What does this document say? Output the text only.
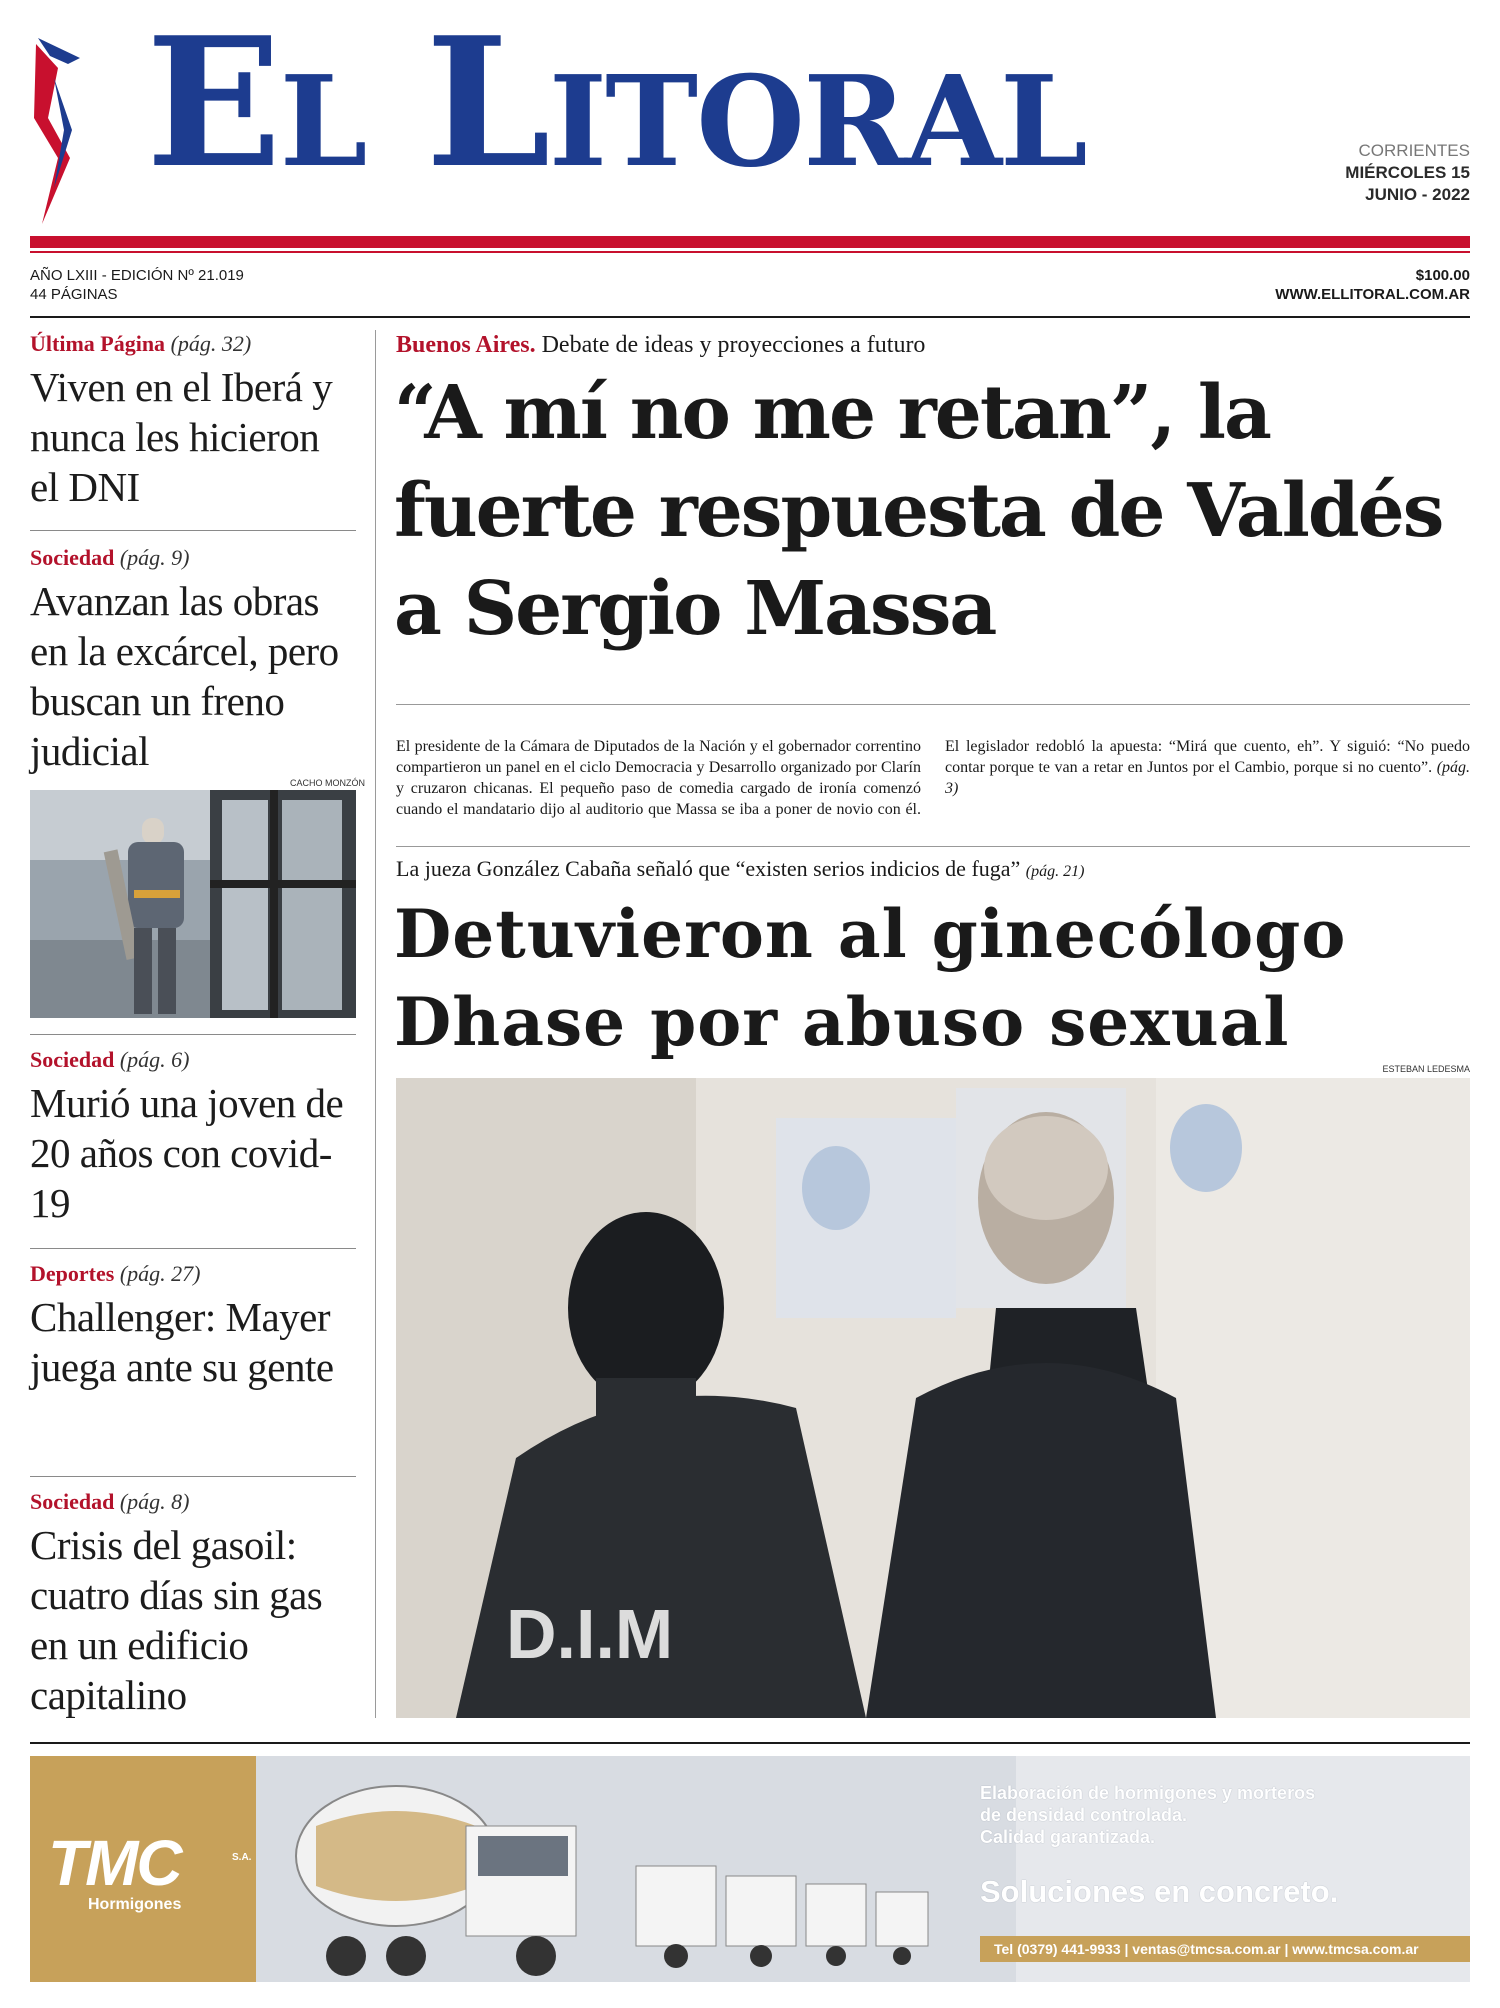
El Litoral	CORRIENTES
MIÉRCOLES 15
JUNIO - 2022
AÑO LXIII - EDICIÓN Nº 21.019
44 PÁGINAS
$100.00
WWW.ELLITORAL.COM.AR
Última Página (pág. 32)
Viven en el Iberá y nunca les hicieron el DNI
Sociedad (pág. 9)
Avanzan las obras en la excárcel, pero buscan un freno judicial
CACHO MONZÓN
Sociedad (pág. 6)
Murió una joven de 20 años con covid-19
Deportes (pág. 27)
Challenger: Mayer juega ante su gente
Sociedad (pág. 8)
Crisis del gasoil: cuatro días sin gas en un edificio capitalino
Buenos Aires. Debate de ideas y proyecciones a futuro
“A mí no me retan”, la fuerte respuesta de Valdés a Sergio Massa
El presidente de la Cámara de Diputados de la Nación y el gobernador correntino compartieron un panel en el ciclo Democracia y Desarrollo organizado por Clarín y cruzaron chicanas. El pequeño paso de comedia cargado de ironía comenzó cuando el mandatario dijo al auditorio que Massa se iba a poner de novio con él. El legislador redobló la apuesta: “Mirá que cuento, eh”. Y siguió: “No puedo contar porque te van a retar en Juntos por el Cambio, porque si no cuento”. (pág. 3)
La jueza González Cabaña señaló que “existen serios indicios de fuga” (pág. 21)
Detuvieron al ginecólogo Dhase por abuso sexual
ESTEBAN LEDESMA
D.I.M
TMC	S.A.
Hormigones
Elaboración de hormigones y morteros
de densidad controlada.
Calidad garantizada.
Soluciones en concreto.
Tel (0379) 441-9933 | ventas@tmcsa.com.ar | www.tmcsa.com.ar
